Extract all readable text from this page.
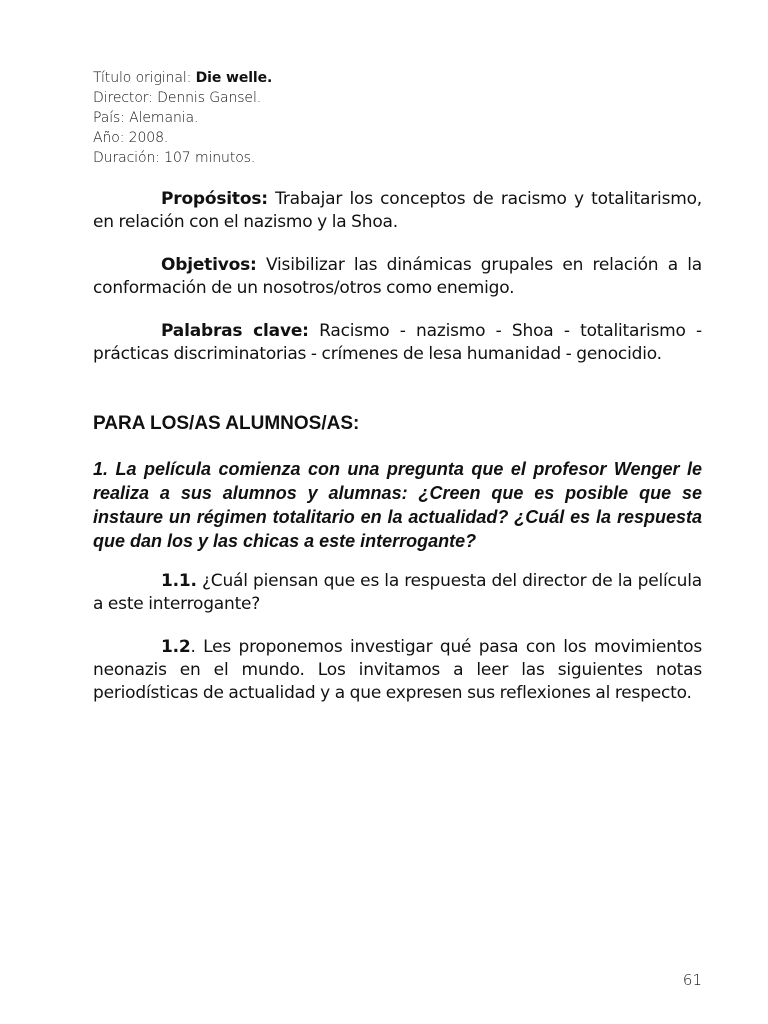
Título original: Die welle.
Director: Dennis Gansel.
País: Alemania.
Año: 2008.
Duración: 107 minutos.

Propósitos: Trabajar los conceptos de racismo y totalitarismo, en relación con el nazismo y la Shoa.

Objetivos: Visibilizar las dinámicas grupales en relación a la conformación de un nosotros/otros como enemigo.

Palabras clave: Racismo - nazismo - Shoa - totalitarismo - prácticas discriminatorias - crímenes de lesa humanidad - genocidio.

PARA LOS/AS ALUMNOS/AS:
1. La película comienza con una pregunta que el profesor Wenger le realiza a sus alumnos y alumnas: ¿Creen que es posible que se instaure un régimen totalitario en la actualidad? ¿Cuál es la respuesta que dan los y las chicas a este interrogante?

1.1. ¿Cuál piensan que es la respuesta del director de la película a este interrogante?

1.2. Les proponemos investigar qué pasa con los movimientos neonazis en el mundo. Los invitamos a leer las siguientes notas periodísticas de actualidad y a que expresen sus reflexiones al respecto.

61
